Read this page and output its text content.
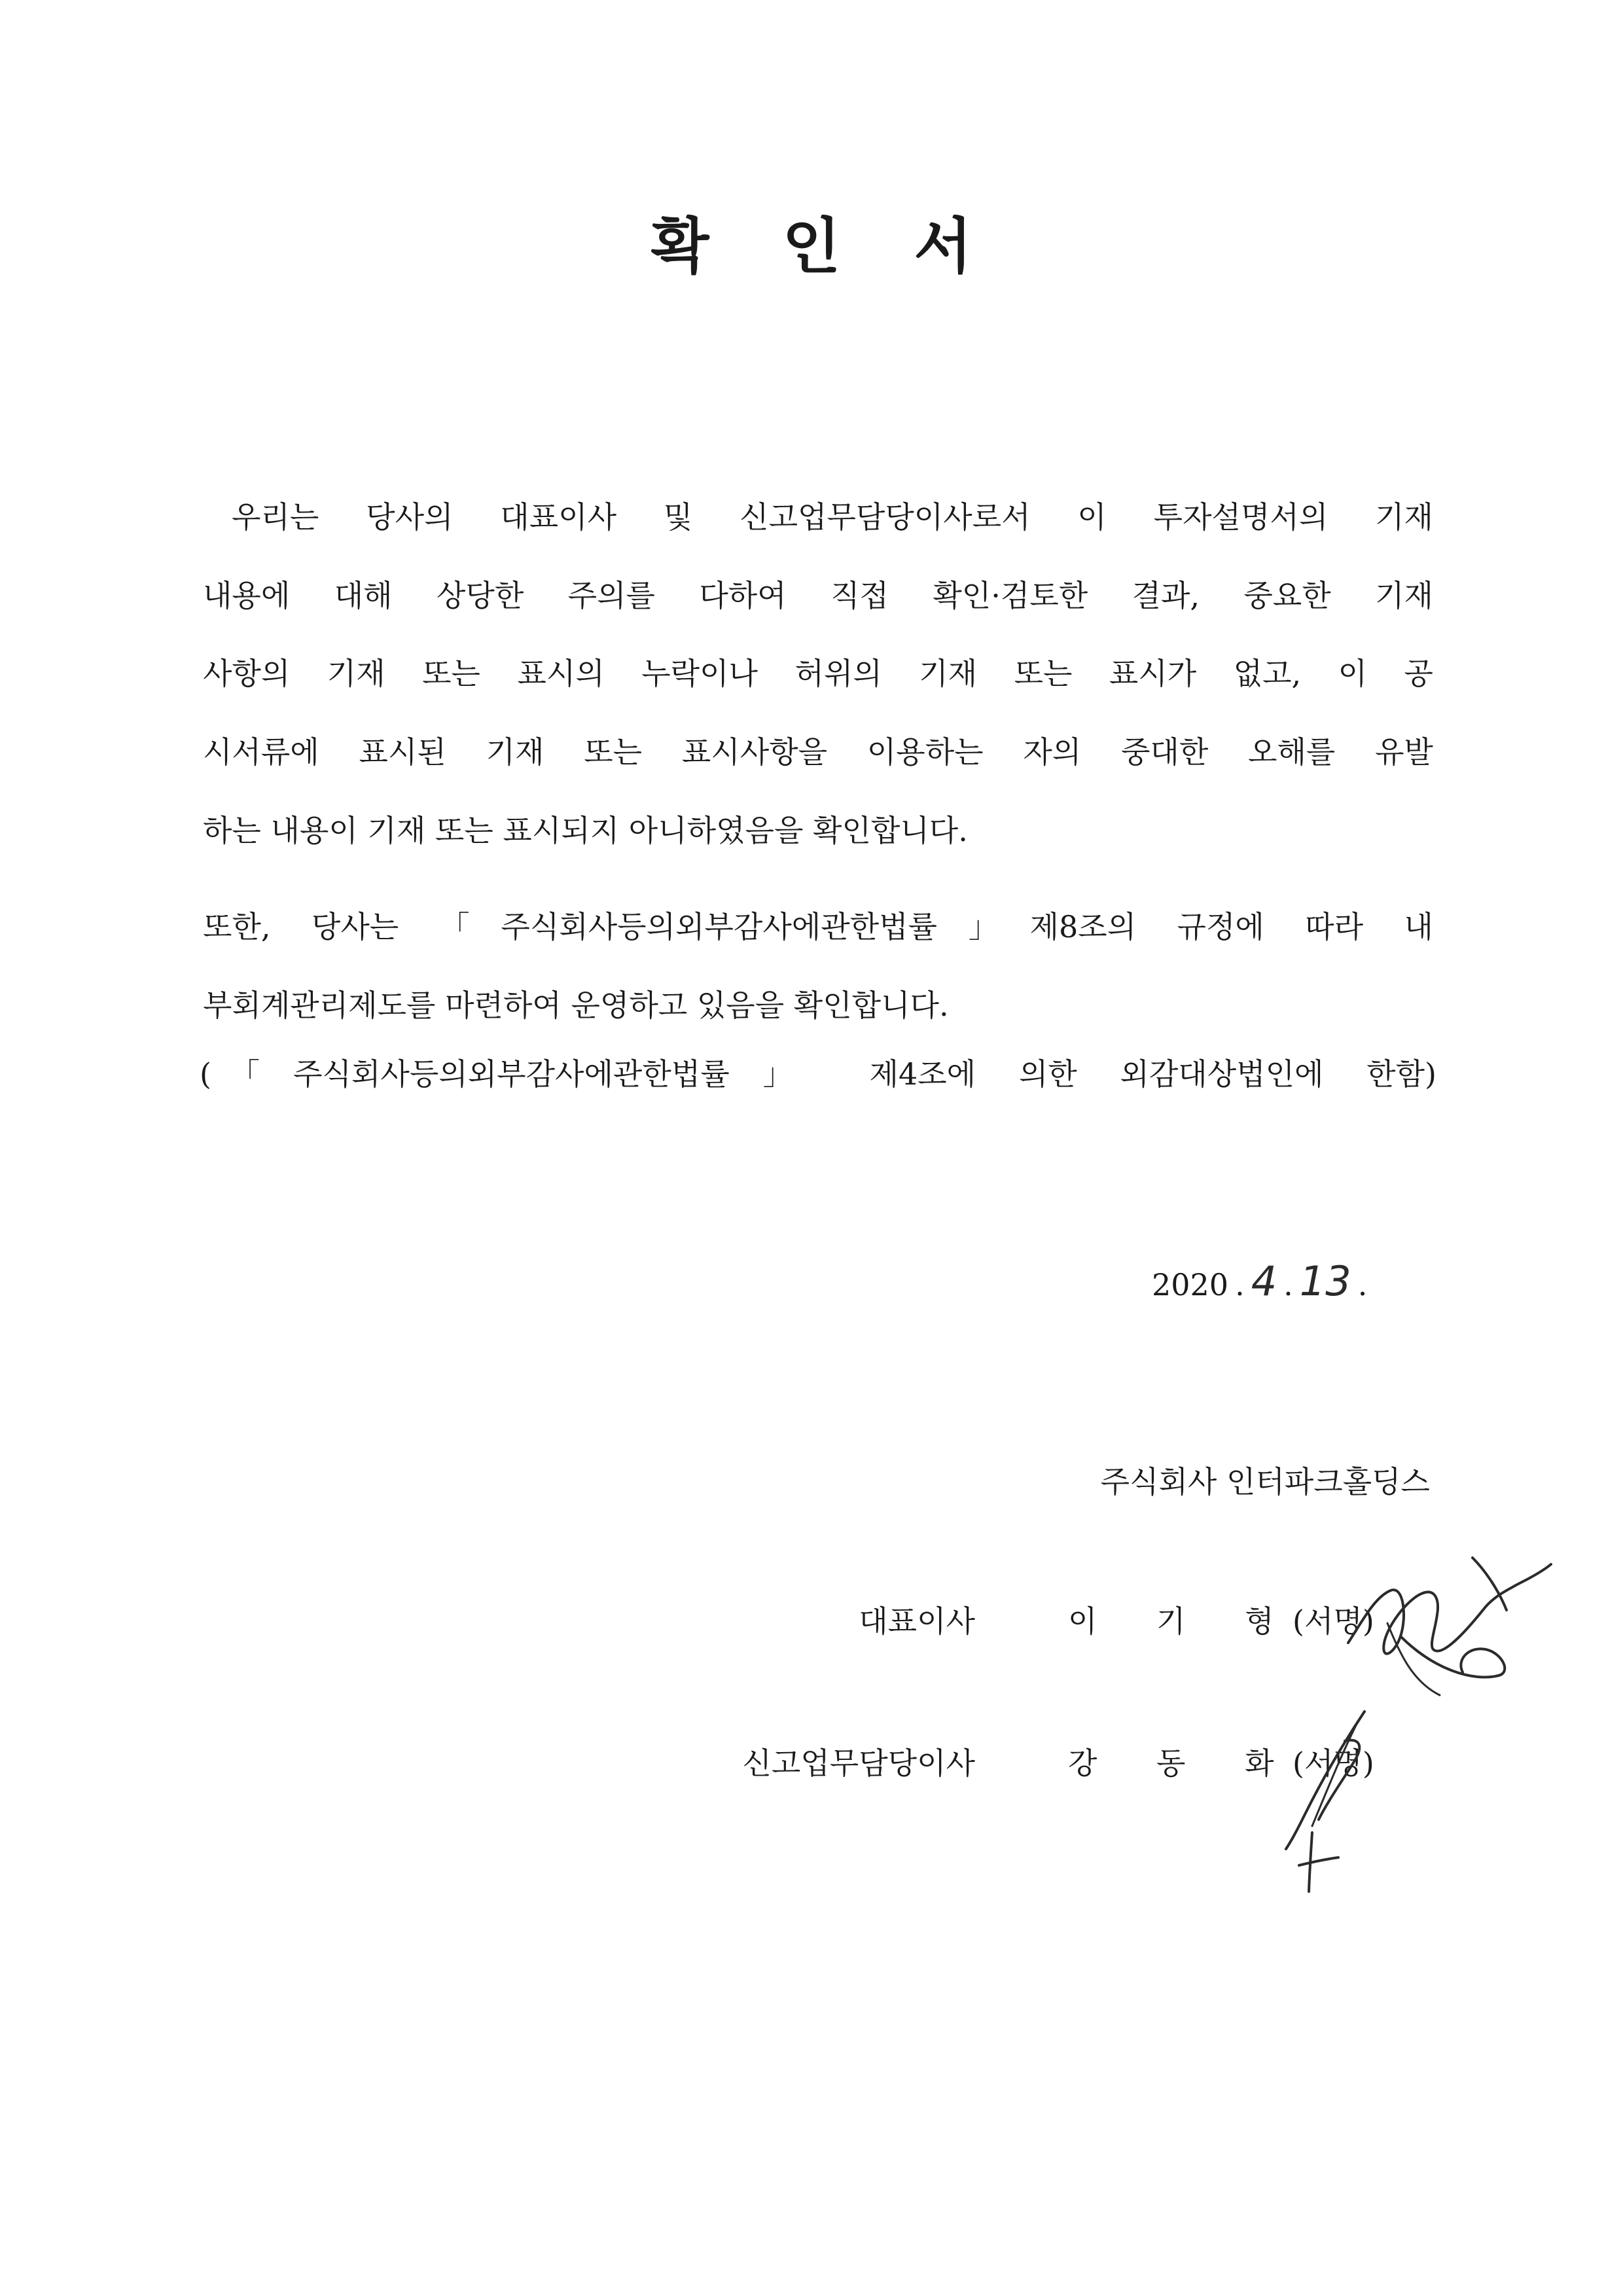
확 인 서
우리는 당사의 대표이사 및 신고업무담당이사로서 이 투자설명서의 기재
내용에 대해 상당한 주의를 다하여 직접 확인·검토한 결과, 중요한 기재
사항의 기재 또는 표시의 누락이나 허위의 기재 또는 표시가 없고, 이 공
시서류에 표시된 기재 또는 표시사항을 이용하는 자의 중대한 오해를 유발
하는 내용이 기재 또는 표시되지 아니하였음을 확인합니다.
또한, 당사는 「주식회사등의외부감사에관한법률」제8조의 규정에 따라 내
부회계관리제도를 마련하여 운영하고 있음을 확인합니다.
(「주식회사등의외부감사에관한법률」 제4조에 의한 외감대상법인에 한함)
2020 . 4 . 13 .
주식회사 인터파크홀딩스
대표이사	이 기 형
(서명)
신고업무담당이사	강 동 화
(서명)
